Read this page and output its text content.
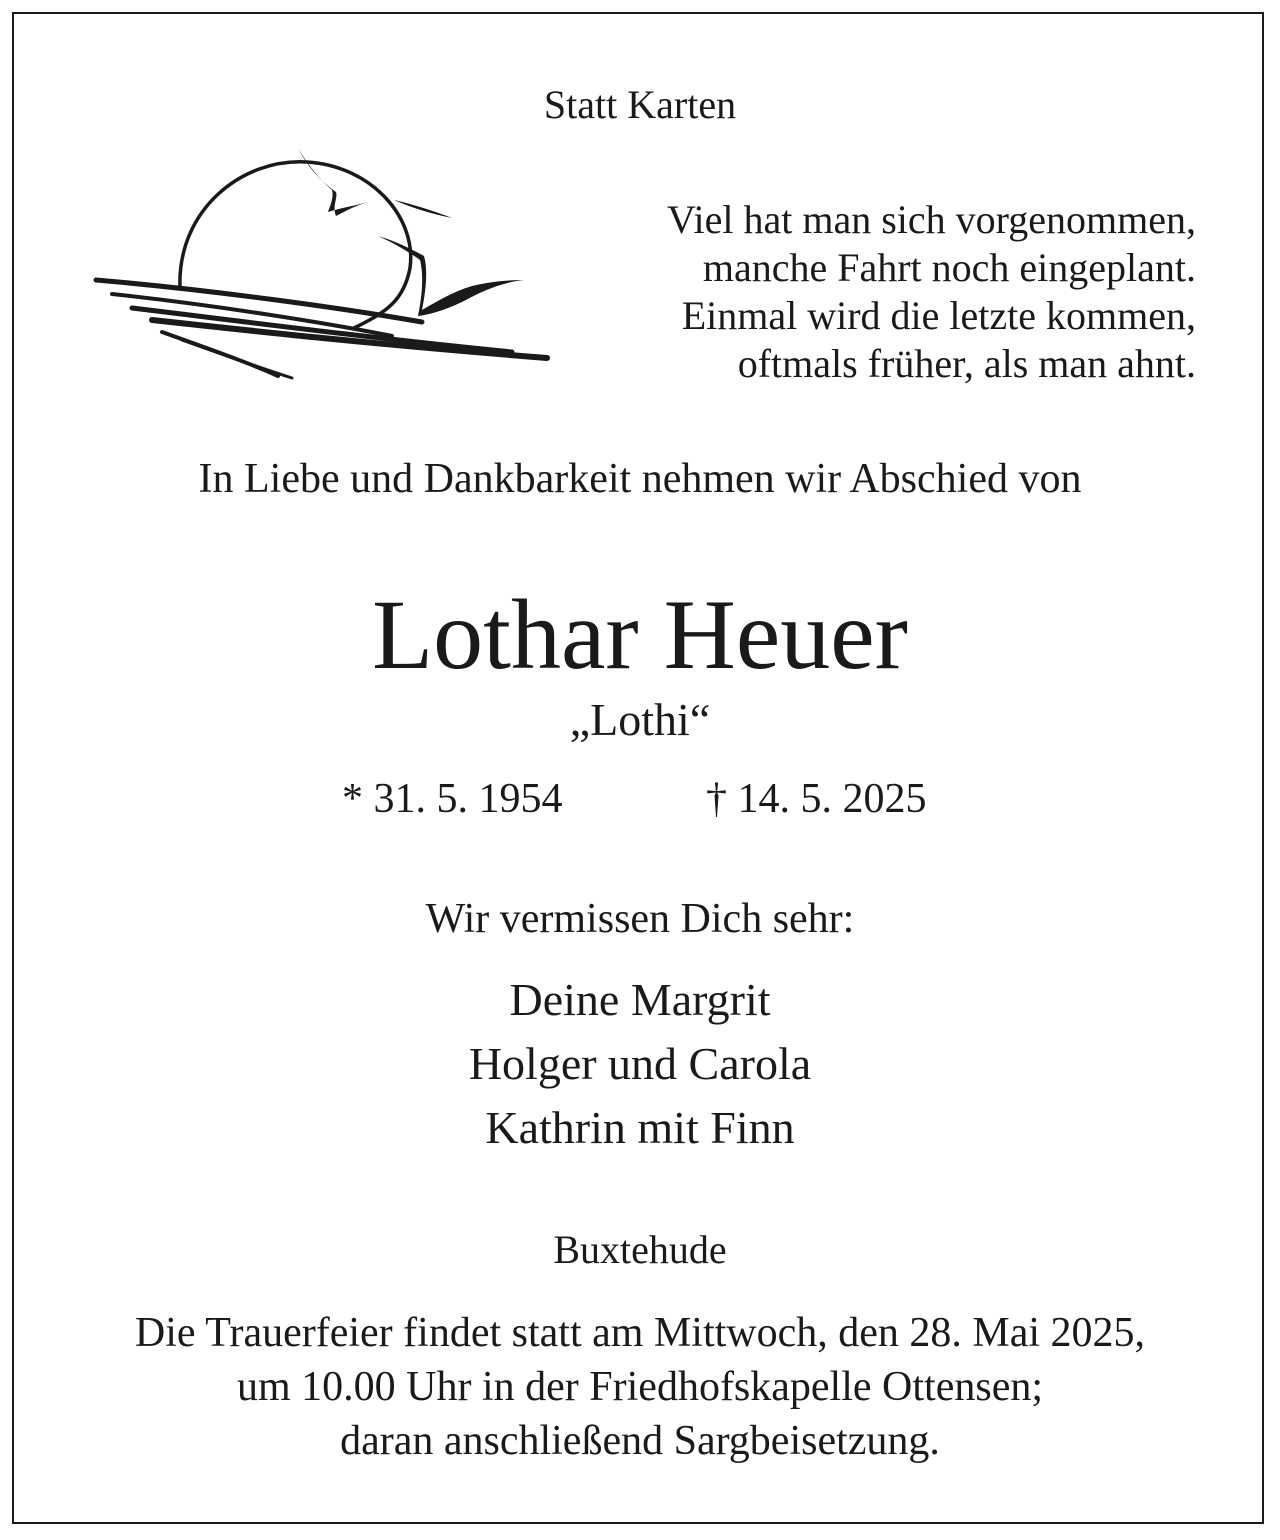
Statt Karten
Viel hat man sich vorgenommen,
manche Fahrt noch eingeplant.
Einmal wird die letzte kommen,
oftmals früher, als man ahnt.
In Liebe und Dankbarkeit nehmen wir Abschied von
Lothar Heuer
„Lothi“
* 31. 5. 1954	† 14. 5. 2025
Wir vermissen Dich sehr:
Deine Margrit
Holger und Carola
Kathrin mit Finn
Buxtehude
Die Trauerfeier findet statt am Mittwoch, den 28. Mai 2025,
um 10.00 Uhr in der Friedhofskapelle Ottensen;
daran anschließend Sargbeisetzung.
